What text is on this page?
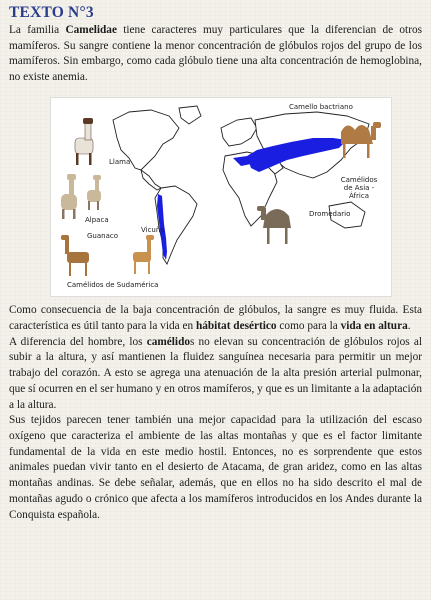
TEXTO N°3

La familia Camelidae tiene caracteres muy particulares que la diferencian de otros mamíferos. Su sangre contiene la menor concentración de glóbulos rojos del grupo de los mamíferos. Sin embargo, como cada glóbulo tiene una alta concentración de hemoglobina, no existe anemia.

Camello bactriano
Llama
Camélidos de Asia - África
Alpaca
Vicuña
Dromedario
Guanaco
Camélidos de Sudamérica

Como consecuencia de la baja concentración de glóbulos, la sangre es muy fluida. Esta característica es útil tanto para la vida en hábitat desértico como para la vida en altura.

A diferencia del hombre, los camélidos no elevan su concentración de glóbulos rojos al subir a la altura, y así mantienen la fluidez sanguínea necesaria para permitir un mejor trabajo del corazón. A esto se agrega una atenuación de la alta presión arterial pulmonar, que sí ocurren en el ser humano y en otros mamíferos, y que es un limitante a la adaptación a la altura.

Sus tejidos parecen tener también una mejor capacidad para la utilización del escaso oxígeno que caracteriza el ambiente de las altas montañas y que es el factor limitante fundamental de la vida en este medio hostil. Entonces, no es sorprendente que estos animales puedan vivir tanto en el desierto de Atacama, de gran aridez, como en las altas montañas andinas. Se debe señalar, además, que en ellos no ha sido descrito el mal de montañas agudo o crónico que afecta a los mamíferos introducidos en los Andes durante la Conquista española.
